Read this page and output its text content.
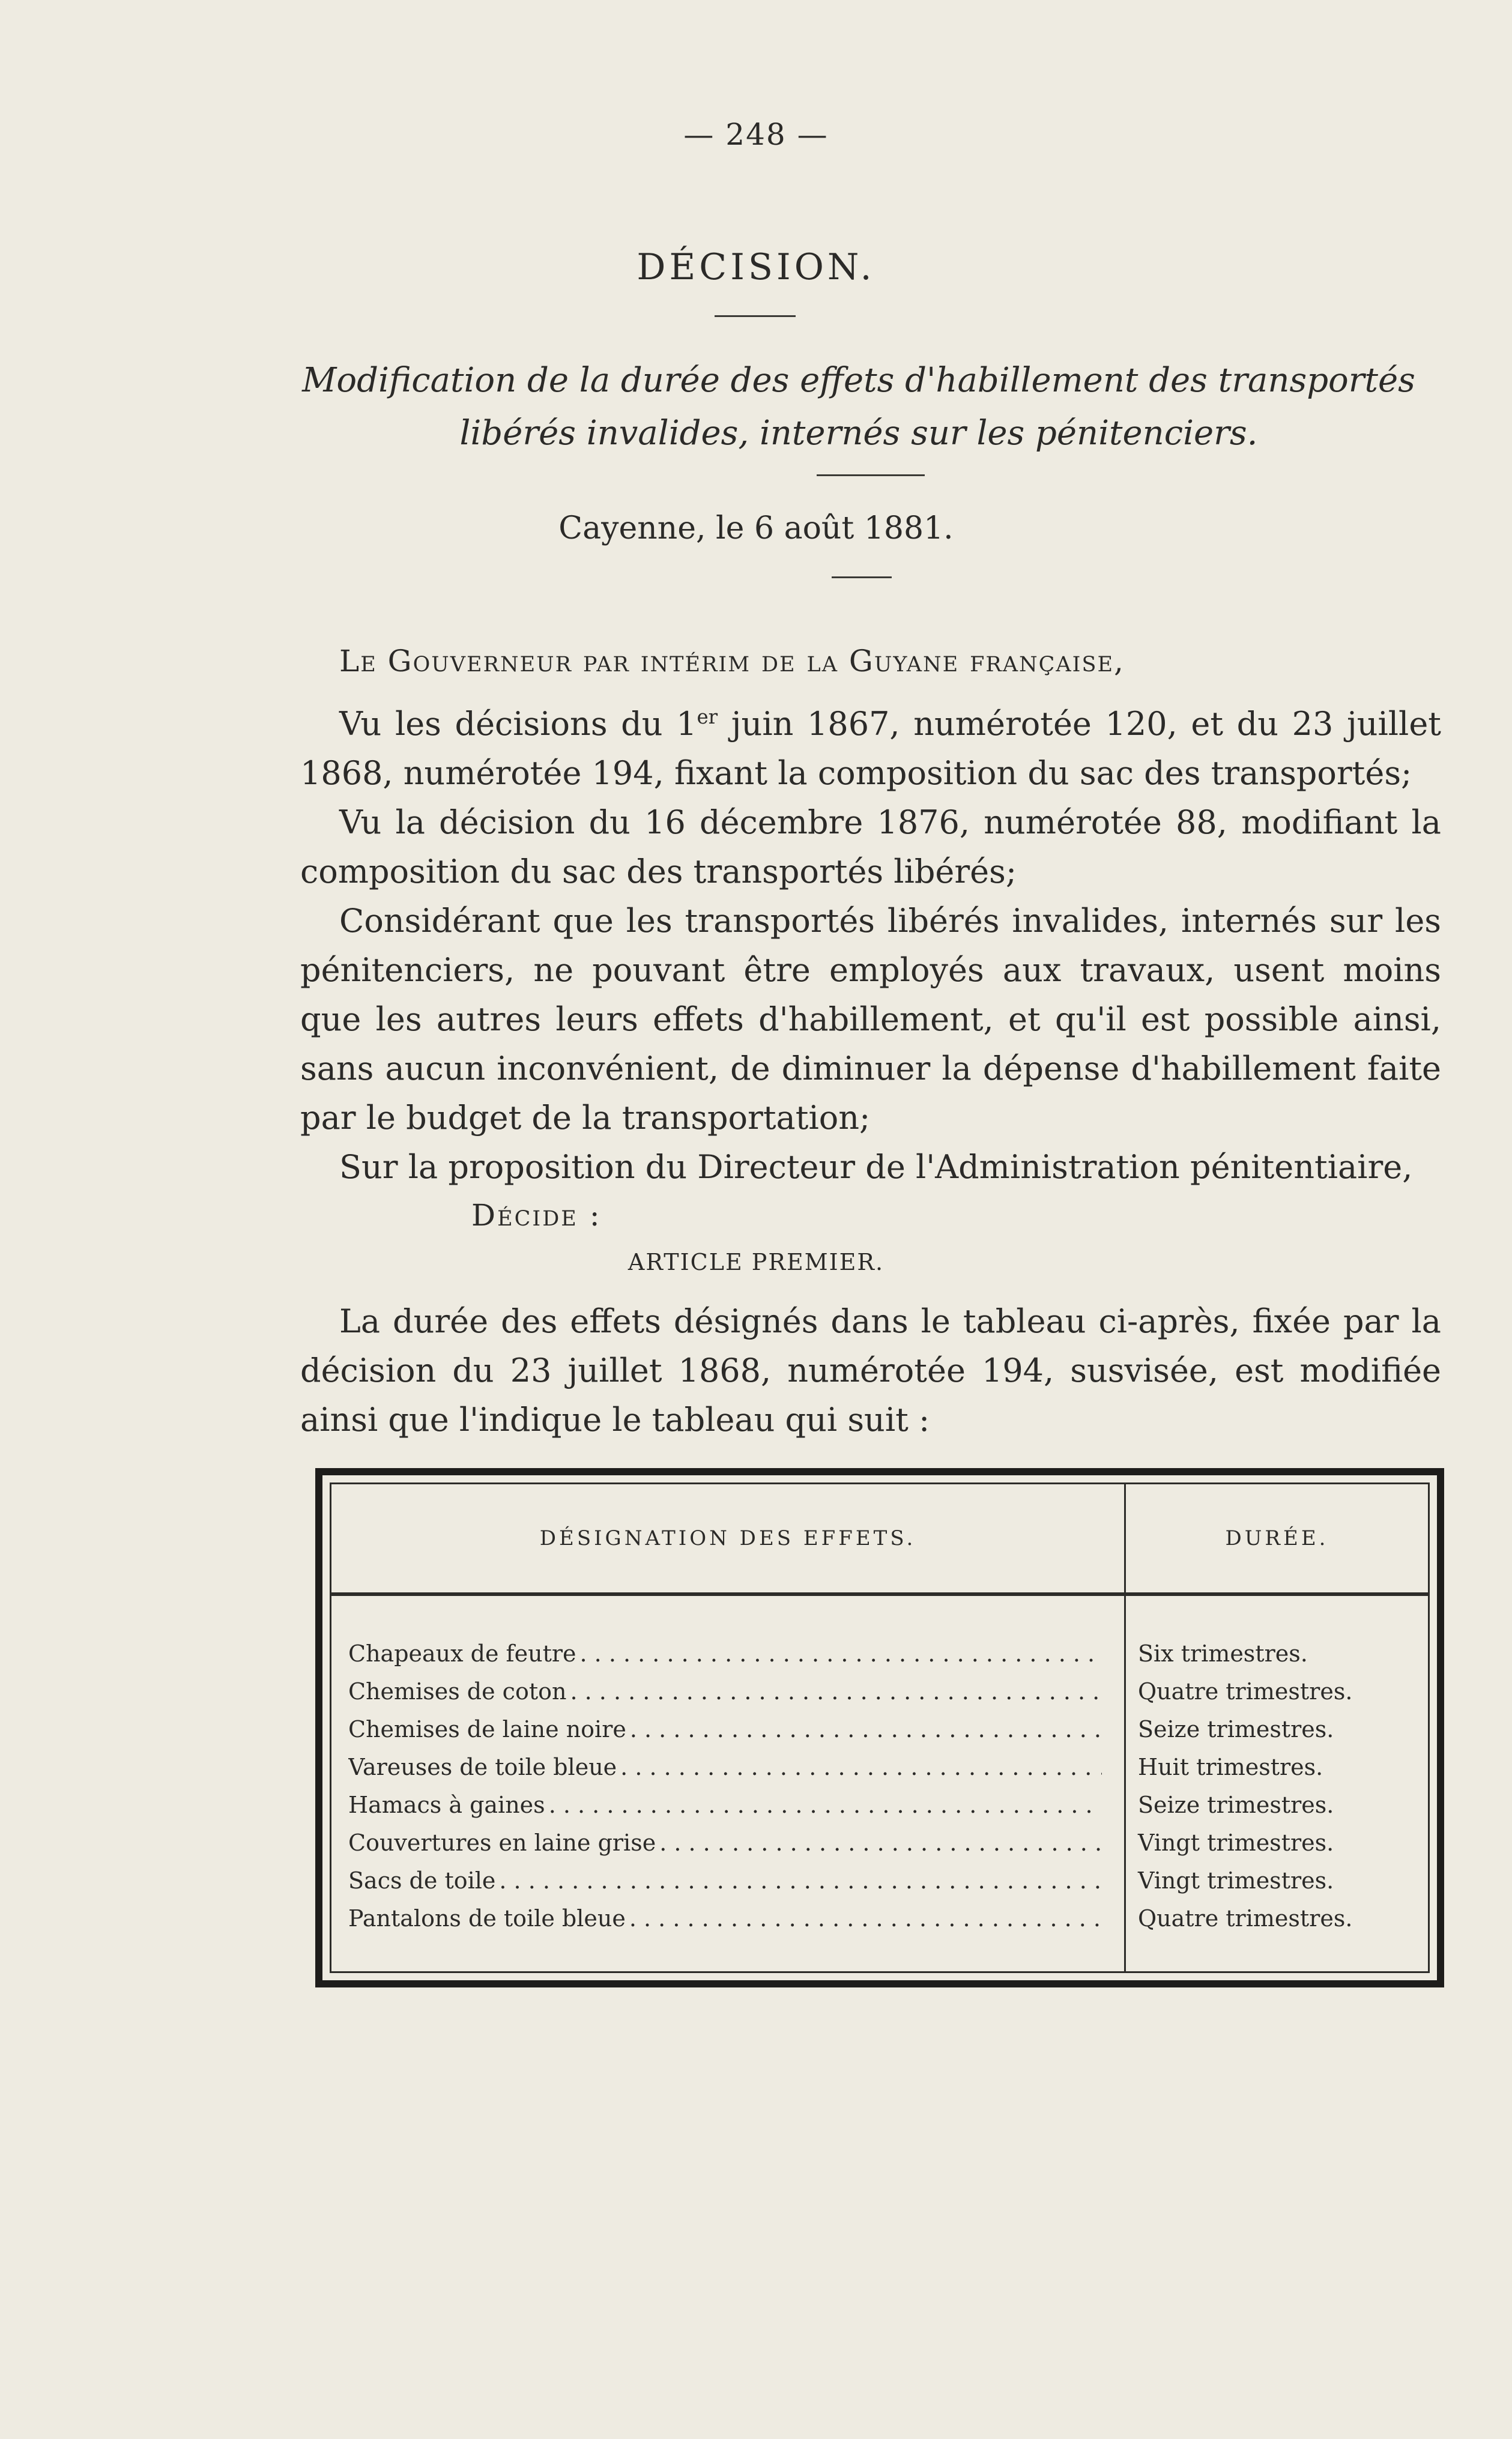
— 248 —
DÉCISION.
Modification de la durée des effets d'habillement des transportés libérés invalides, internés sur les pénitenciers.
Cayenne, le 6 août 1881.

Le Gouverneur par intérim de la Guyane française,

Vu les décisions du 1er juin 1867, numérotée 120, et du 23 juillet 1868, numérotée 194, fixant la composition du sac des transportés;

Vu la décision du 16 décembre 1876, numérotée 88, modifiant la composition du sac des transportés libérés;

Considérant que les transportés libérés invalides, internés sur les pénitenciers, ne pouvant être employés aux travaux, usent moins que les autres leurs effets d'habillement, et qu'il est possible ainsi, sans aucun inconvénient, de diminuer la dépense d'habillement faite par le budget de la transportation;

Sur la proposition du Directeur de l'Administration pénitentiaire,

Décide :
ARTICLE PREMIER.

La durée des effets désignés dans le tableau ci-après, fixée par la décision du 23 juillet 1868, numérotée 194, susvisée, est modifiée ainsi que l'indique le tableau qui suit :

DÉSIGNATION DES EFFETS.	DURÉE.
Chapeaux de feutre . . .	Six trimestres.
Chemises de coton . . .	Quatre trimestres.
Chemises de laine noire . . .	Seize trimestres.
Vareuses de toile bleue . . .	Huit trimestres.
Hamacs à gaines . . .	Seize trimestres.
Couvertures en laine grise . . .	Vingt trimestres.
Sacs de toile . . .	Vingt trimestres.
Pantalons de toile bleue . . .	Quatre trimestres.
